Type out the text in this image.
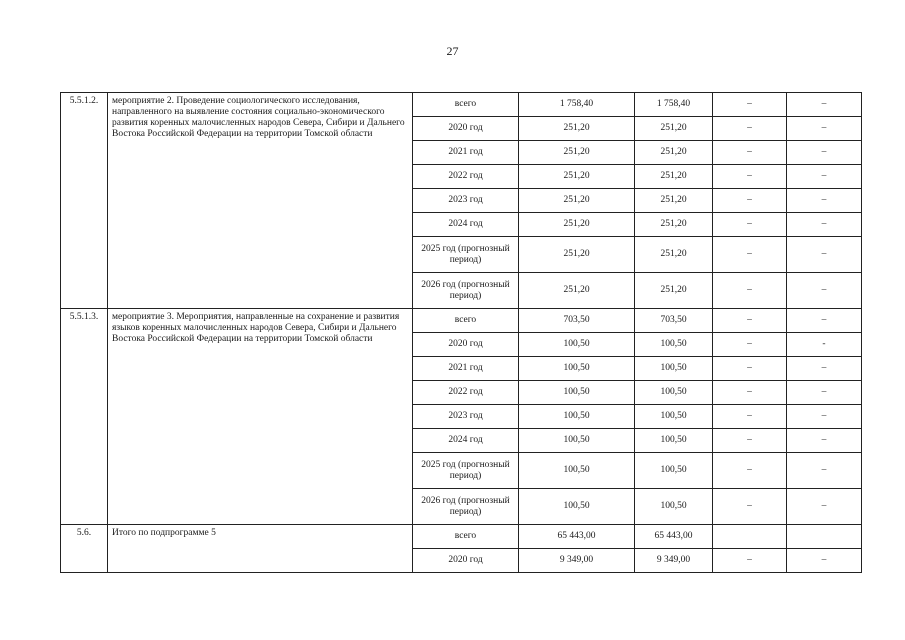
27
5.5.1.2.	мероприятие 2. Проведение социологического исследования, направленного на выявление состояния социально-экономического развития коренных малочисленных народов Севера, Сибири и Дальнего Востока Российской Федерации на территории Томской области	всего	1 758,40	1 758,40	–	–
		2020 год	251,20	251,20	–	–
		2021 год	251,20	251,20	–	–
		2022 год	251,20	251,20	–	–
		2023 год	251,20	251,20	–	–
		2024 год	251,20	251,20	–	–
		2025 год (прогнозный период)	251,20	251,20	–	–
		2026 год (прогнозный период)	251,20	251,20	–	–
5.5.1.3.	мероприятие 3. Мероприятия, направленные на сохранение и развития языков коренных малочисленных народов Севера, Сибири и Дальнего Востока Российской Федерации на территории Томской области	всего	703,50	703,50	–	–
		2020 год	100,50	100,50	–	-
		2021 год	100,50	100,50	–	–
		2022 год	100,50	100,50	–	–
		2023 год	100,50	100,50	–	–
		2024 год	100,50	100,50	–	–
		2025 год (прогнозный период)	100,50	100,50	–	–
		2026 год (прогнозный период)	100,50	100,50	–	–
5.6.	Итого по подпрограмме 5	всего	65 443,00	65 443,00		
		2020 год	9 349,00	9 349,00	–	–
